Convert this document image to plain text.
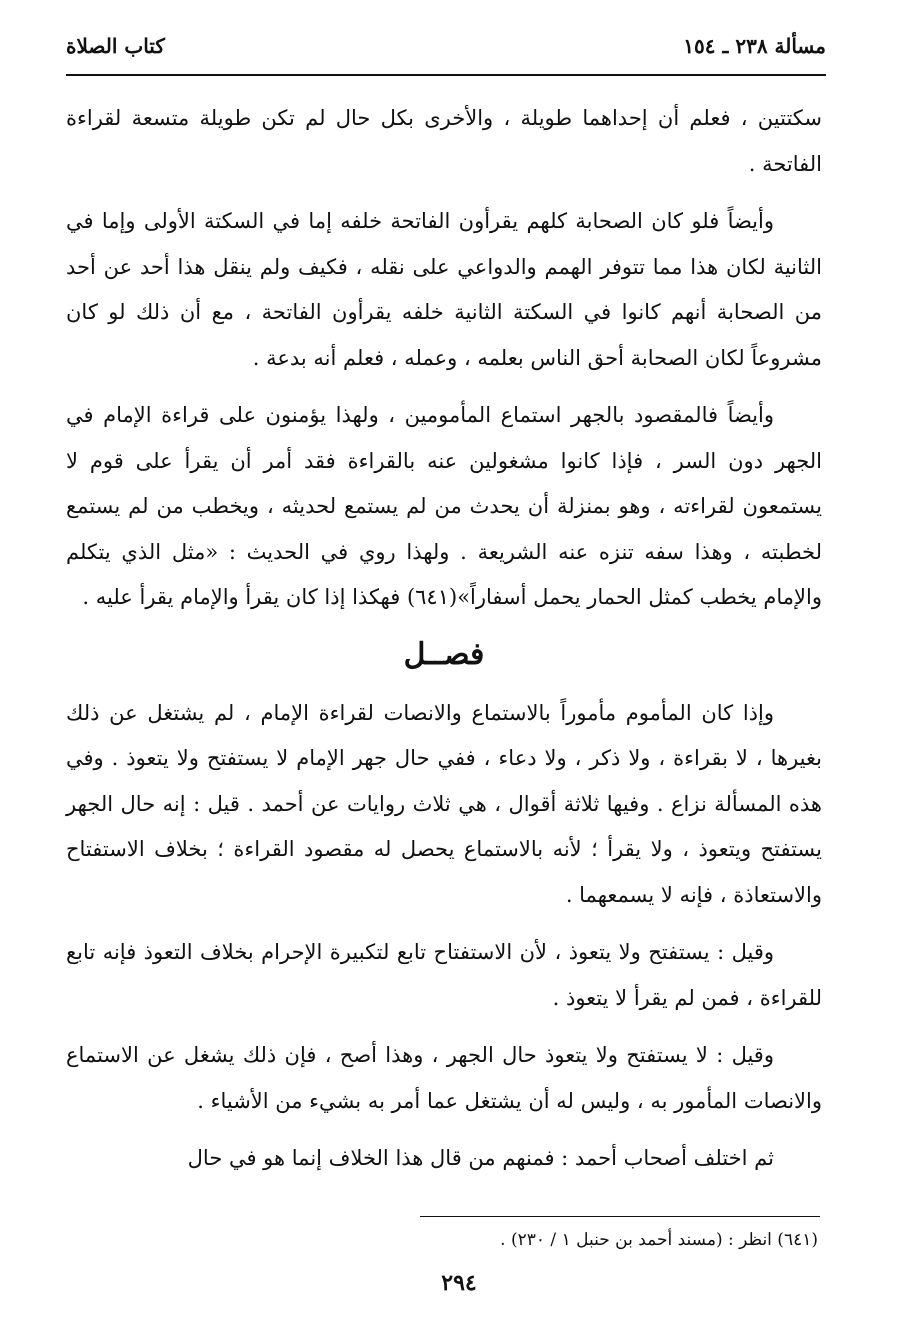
مسألة ٢٣٨ ـ ١٥٤
كتاب الصلاة

سكتتين ، فعلم أن إحداهما طويلة ، والأخرى بكل حال لم تكن طويلة متسعة لقراءة الفاتحة .

وأيضاً فلو كان الصحابة كلهم يقرأون الفاتحة خلفه إما في السكتة الأولى وإما في الثانية لكان هذا مما تتوفر الهمم والدواعي على نقله ، فكيف ولم ينقل هذا أحد عن أحد من الصحابة أنهم كانوا في السكتة الثانية خلفه يقرأون الفاتحة ، مع أن ذلك لو كان مشروعاً لكان الصحابة أحق الناس بعلمه ، وعمله ، فعلم أنه بدعة .

وأيضاً فالمقصود بالجهر استماع المأمومين ، ولهذا يؤمنون على قراءة الإمام في الجهر دون السر ، فإذا كانوا مشغولين عنه بالقراءة فقد أمر أن يقرأ على قوم لا يستمعون لقراءته ، وهو بمنزلة أن يحدث من لم يستمع لحديثه ، ويخطب من لم يستمع لخطبته ، وهذا سفه تنزه عنه الشريعة . ولهذا روي في الحديث : «مثل الذي يتكلم والإمام يخطب كمثل الحمار يحمل أسفاراً»(٦٤١) فهكذا إذا كان يقرأ والإمام يقرأ عليه .

فصــل

وإذا كان المأموم مأموراً بالاستماع والانصات لقراءة الإمام ، لم يشتغل عن ذلك بغيرها ، لا بقراءة ، ولا ذكر ، ولا دعاء ، ففي حال جهر الإمام لا يستفتح ولا يتعوذ . وفي هذه المسألة نزاع . وفيها ثلاثة أقوال ، هي ثلاث روايات عن أحمد . قيل : إنه حال الجهر يستفتح ويتعوذ ، ولا يقرأ ؛ لأنه بالاستماع يحصل له مقصود القراءة ؛ بخلاف الاستفتاح والاستعاذة ، فإنه لا يسمعهما .

وقيل : يستفتح ولا يتعوذ ، لأن الاستفتاح تابع لتكبيرة الإحرام بخلاف التعوذ فإنه تابع للقراءة ، فمن لم يقرأ لا يتعوذ .

وقيل : لا يستفتح ولا يتعوذ حال الجهر ، وهذا أصح ، فإن ذلك يشغل عن الاستماع والانصات المأمور به ، وليس له أن يشتغل عما أمر به بشيء من الأشياء .

ثم اختلف أصحاب أحمد : فمنهم من قال هذا الخلاف إنما هو في حال

(٦٤١) انظر : (مسند أحمد بن حنبل ١ / ٢٣٠) .
٢٩٤
